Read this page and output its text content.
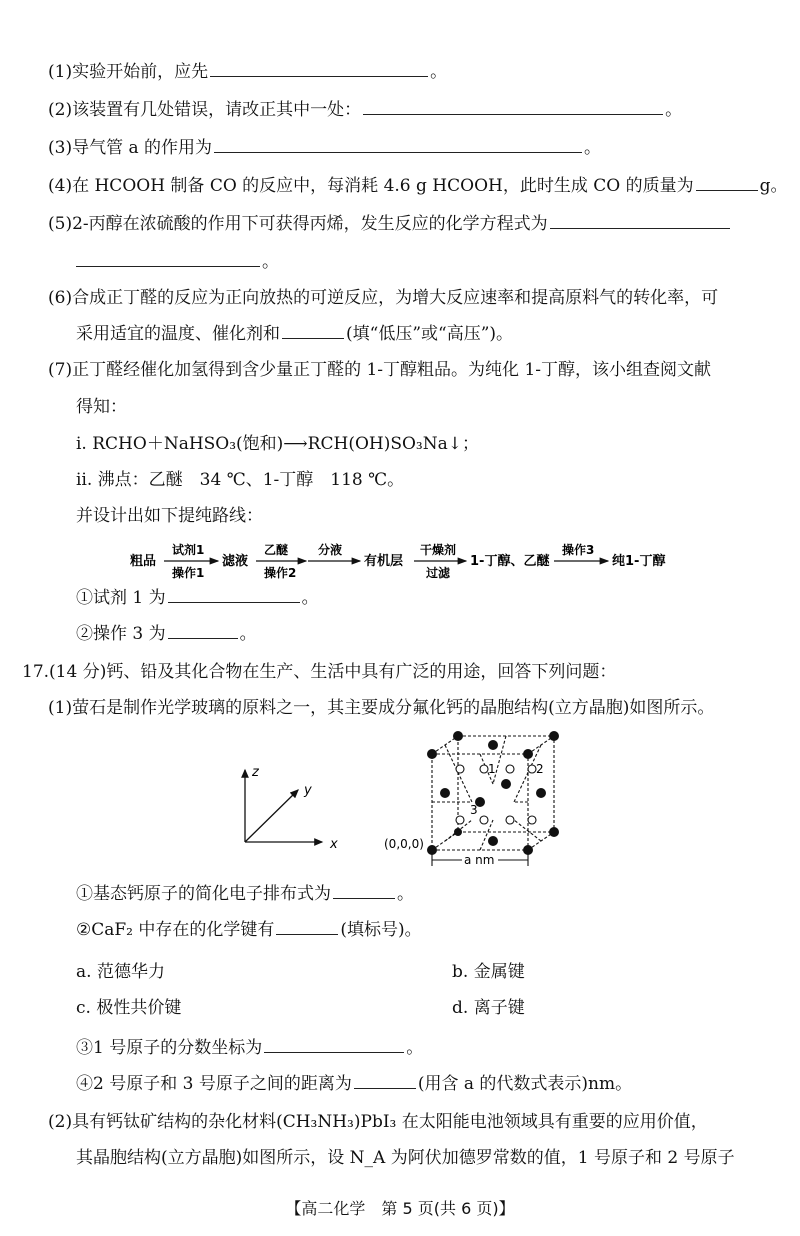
(1)实验开始前，应先	。
(2)该装置有几处错误，请改正其中一处：	。
(3)导气管 a 的作用为	。
(4)在 HCOOH 制备 CO 的反应中，每消耗 4.6 g HCOOH，此时生成 CO 的质量为	g。
(5)2-丙醇在浓硫酸的作用下可获得丙烯，发生反应的化学方程式为
。
(6)合成正丁醛的反应为正向放热的可逆反应，为增大反应速率和提高原料气的转化率，可
采用适宜的温度、催化剂和	(填“低压”或“高压”)。
(7)正丁醛经催化加氢得到含少量正丁醛的 1-丁醇粗品。为纯化 1-丁醇，该小组查阅文献
得知：
ⅰ. RCHO＋NaHSO₃(饱和)⟶RCH(OH)SO₃Na↓；
ⅱ. 沸点：乙醚　34 ℃、1-丁醇　118 ℃。
并设计出如下提纯路线：
粗品
试剂1
操作1
滤液
乙醚
操作2
分液
有机层
干燥剂
过滤
1-丁醇、乙醚
操作3
纯1-丁醇
①试剂 1 为	。
②操作 3 为	。
17.(14 分)钙、铅及其化合物在生产、生活中具有广泛的用途，回答下列问题：
(1)萤石是制作光学玻璃的原料之一，其主要成分氟化钙的晶胞结构(立方晶胞)如图所示。
z
y
x
a nm
(0,0,0)
1	2
3
①基态钙原子的简化电子排布式为	。
②CaF₂ 中存在的化学键有	(填标号)。
a. 范德华力	b. 金属键
c. 极性共价键	d. 离子键
③1 号原子的分数坐标为	。
④2 号原子和 3 号原子之间的距离为	(用含 a 的代数式表示)nm。
(2)具有钙钛矿结构的杂化材料(CH₃NH₃)PbI₃ 在太阳能电池领域具有重要的应用价值，
其晶胞结构(立方晶胞)如图所示，设 N_A 为阿伏加德罗常数的值，1 号原子和 2 号原子
【高二化学　第 5 页(共 6 页)】
